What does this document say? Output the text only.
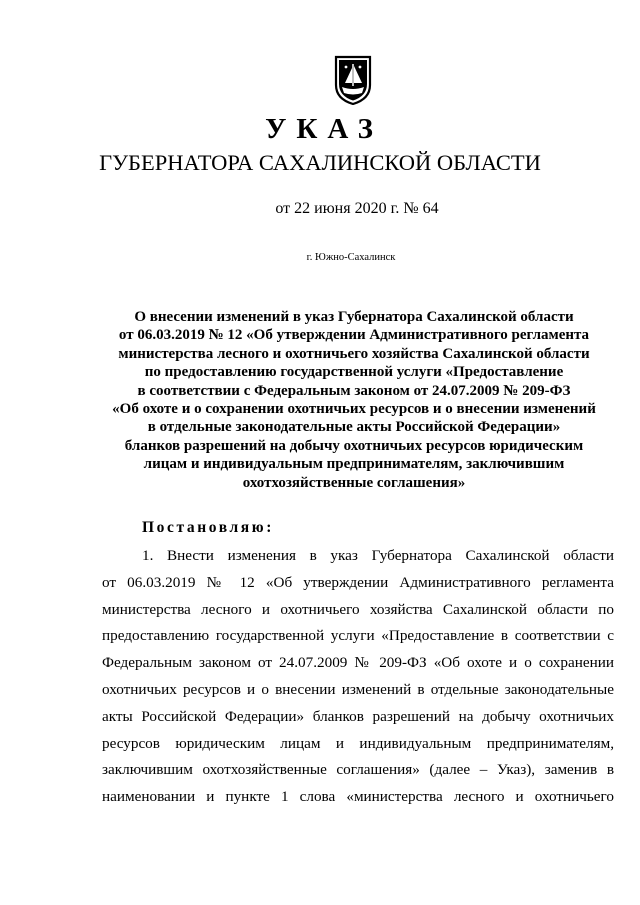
УКАЗ
ГУБЕРНАТОРА САХАЛИНСКОЙ ОБЛАСТИ
от 22 июня 2020 г. № 64
г. Южно-Сахалинск
О внесении изменений в указ Губернатора Сахалинской области
от 06.03.2019 № 12 «Об утверждении Административного регламента
министерства лесного и охотничьего хозяйства Сахалинской области
по предоставлению государственной услуги «Предоставление
в соответствии с Федеральным законом от 24.07.2009 № 209-ФЗ
«Об охоте и о сохранении охотничьих ресурсов и о внесении изменений
в отдельные законодательные акты Российской Федерации»
бланков разрешений на добычу охотничьих ресурсов юридическим
лицам и индивидуальным предпринимателям, заключившим
охотхозяйственные соглашения»
Постановляю:
1. Внести изменения в указ Губернатора Сахалинской области
от 06.03.2019 № 12 «Об утверждении Административного регламента
министерства лесного и охотничьего хозяйства Сахалинской области по
предоставлению государственной услуги «Предоставление в соответствии с
Федеральным законом от 24.07.2009 № 209-ФЗ «Об охоте и о сохранении
охотничьих ресурсов и о внесении изменений в отдельные законодательные
акты Российской Федерации» бланков разрешений на добычу охотничьих
ресурсов юридическим лицам и индивидуальным предпринимателям,
заключившим охотхозяйственные соглашения» (далее – Указ), заменив в
наименовании и пункте 1 слова «министерства лесного и охотничьего
